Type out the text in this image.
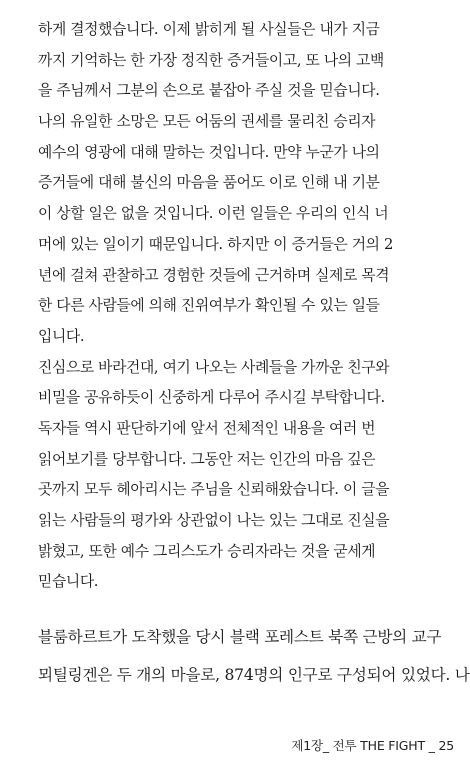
하게 결정했습니다. 이제 밝히게 될 사실들은 내가 지금
까지 기억하는 한 가장 정직한 증거들이고, 또 나의 고백
을 주님께서 그분의 손으로 붙잡아 주실 것을 믿습니다.
나의 유일한 소망은 모든 어둠의 권세를 물리친 승리자
예수의 영광에 대해 말하는 것입니다. 만약 누군가 나의
증거들에 대해 불신의 마음을 품어도 이로 인해 내 기분
이 상할 일은 없을 것입니다. 이런 일들은 우리의 인식 너
머에 있는 일이기 때문입니다. 하지만 이 증거들은 거의 2
년에 걸쳐 관찰하고 경험한 것들에 근거하며 실제로 목격
한 다른 사람들에 의해 진위여부가 확인될 수 있는 일들
입니다.
진심으로 바라건대, 여기 나오는 사례들을 가까운 친구와
비밀을 공유하듯이 신중하게 다루어 주시길 부탁합니다.
독자들 역시 판단하기에 앞서 전체적인 내용을 여러 번
읽어보기를 당부합니다. 그동안 저는 인간의 마음 깊은
곳까지 모두 헤아리시는 주님을 신뢰해왔습니다. 이 글을
읽는 사람들의 평가와 상관없이 나는 있는 그대로 진실을
밝혔고, 또한 예수 그리스도가 승리자라는 것을 굳세게
믿습니다.
블룸하르트가 도착했을 당시 블랙 포레스트 북쪽 근방의 교구
뫼틸링겐은 두 개의 마을로, 874명의 인구로 구성되어 있었다. 나
제1장_ 전투 THE FIGHT _ 25
